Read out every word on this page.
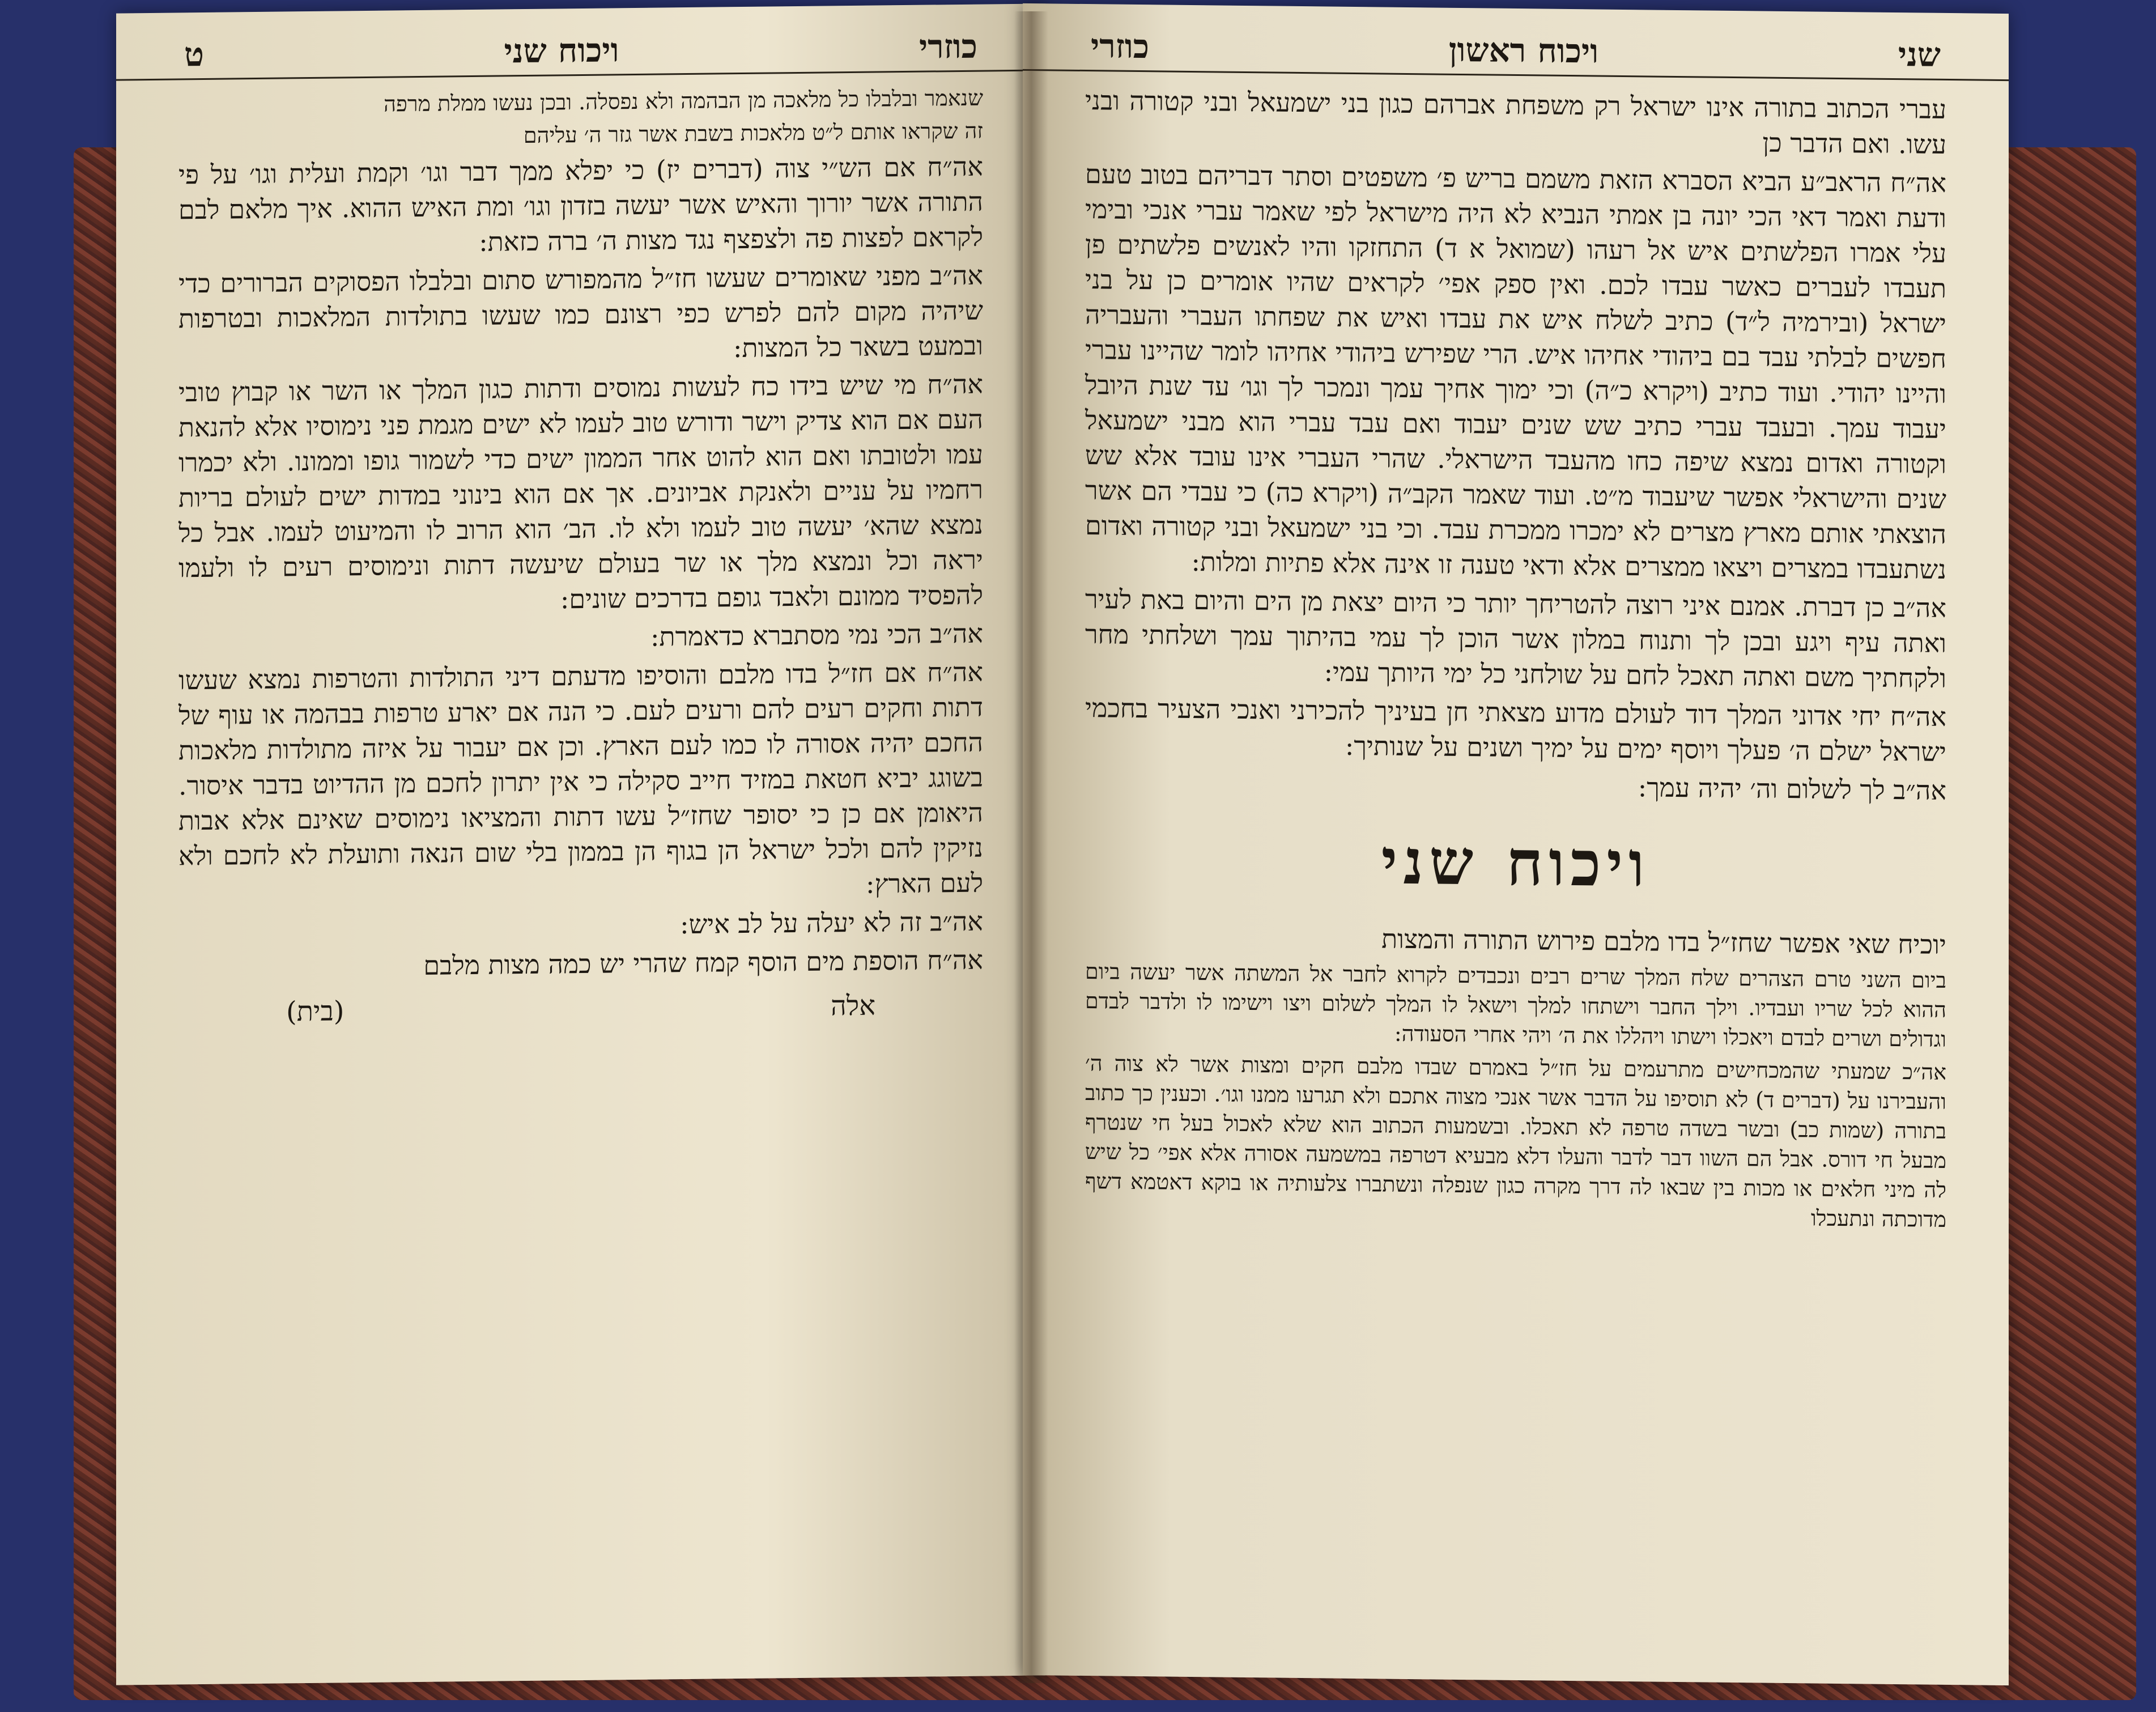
כוזרי
ויכוח שני
ט

שנאמר ובלבלו כל מלאכה מן הבהמה ולא נפסלה. ובכן נעשו ממלת מרפה

זה שקראו אותם ל״ט מלאכות בשבת אשר גזר ה׳ עליהם

אה״ח אם הש״י צוה (דברים יז) כי יפלא ממך דבר וגו׳ וקמת ועלית וגו׳ על פי התורה אשר יורוך והאיש אשר יעשה בזדון וגו׳ ומת האיש ההוא. איך מלאם לבם לקראם לפצות פה ולצפצף נגד מצות ה׳ ברה כזאת:

אה״ב מפני שאומרים שעשו חז״ל מהמפורש סתום ובלבלו הפסוקים הברורים כדי שיהיה מקום להם לפרש כפי רצונם כמו שעשו בתולדות המלאכות ובטרפות ובמעט בשאר כל המצות:

אה״ח מי שיש בידו כח לעשות נמוסים ודתות כגון המלך או השר או קבוץ טובי העם אם הוא צדיק וישר ודורש טוב לעמו לא ישים מגמת פני נימוסיו אלא להנאת עמו ולטובתו ואם הוא להוט אחר הממון ישים כדי לשמור גופו וממונו. ולא יכמרו רחמיו על עניים ולאנקת אביונים. אך אם הוא בינוני במדות ישים לעולם בריות נמצא שהא׳ יעשה טוב לעמו ולא לו. הב׳ הוא הרוב לו והמיעוט לעמו. אבל כל יראה וכל ונמצא מלך או שר בעולם שיעשה דתות ונימוסים רעים לו ולעמו להפסיד ממונם ולאבד גופם בדרכים שונים:

אה״ב הכי נמי מסתברא כדאמרת:

אה״ח אם חז״ל בדו מלבם והוסיפו מדעתם דיני התולדות והטרפות נמצא שעשו דתות וחקים רעים להם ורעים לעם. כי הנה אם יארע טרפות בבהמה או עוף של החכם יהיה אסורה לו כמו לעם הארץ. וכן אם יעבור על איזה מתולדות מלאכות בשוגג יביא חטאת במזיד חייב סקילה כי אין יתרון לחכם מן ההדיוט בדבר איסור. היאומן אם כן כי יסופר שחז״ל עשו דתות והמציאו נימוסים שאינם אלא אבות נזיקין להם ולכל ישראל הן בגוף הן בממון בלי שום הנאה ותועלת לא לחכם ולא לעם הארץ:

אה״ב זה לא יעלה על לב איש:

אה״ח הוספת מים הוסף קמח שהרי יש כמה מצות מלבם

אלה
(בית)
שני
ויכוח ראשון
כוזרי

עברי הכתוב בתורה אינו ישראל רק משפחת אברהם כגון בני ישמעאל ובני קטורה ובני עשו. ואם הדבר כן

אה״ח הראב״ע הביא הסברא הזאת משמם בריש פ׳ משפטים וסתר דבריהם בטוב טעם ודעת ואמר דאי הכי יונה בן אמתי הנביא לא היה מישראל לפי שאמר עברי אנכי ובימי עלי אמרו הפלשתים איש אל רעהו (שמואל א ד) התחזקו והיו לאנשים פלשתים פן תעבדו לעברים כאשר עבדו לכם. ואין ספק אפי׳ לקראים שהיו אומרים כן על בני ישראל (ובירמיה ל״ד) כתיב לשלח איש את עבדו ואיש את שפחתו העברי והעבריה חפשים לבלתי עבד בם ביהודי אחיהו איש. הרי שפירש ביהודי אחיהו לומר שהיינו עברי והיינו יהודי. ועוד כתיב (ויקרא כ״ה) וכי ימוך אחיך עמך ונמכר לך וגו׳ עד שנת היובל יעבוד עמך. ובעבד עברי כתיב שש שנים יעבוד ואם עבד עברי הוא מבני ישמעאל וקטורה ואדום נמצא שיפה כחו מהעבד הישראלי. שהרי העברי אינו עובד אלא שש שנים והישראלי אפשר שיעבוד מ״ט. ועוד שאמר הקב״ה (ויקרא כה) כי עבדי הם אשר הוצאתי אותם מארץ מצרים לא ימכרו ממכרת עבד. וכי בני ישמעאל ובני קטורה ואדום נשתעבדו במצרים ויצאו ממצרים אלא ודאי טענה זו אינה אלא פתיות ומלות:

אה״ב כן דברת. אמנם איני רוצה להטריחך יותר כי היום יצאת מן הים והיום באת לעיר ואתה עיף ויגע ובכן לך ותנוח במלון אשר הוכן לך עמי בהיתוך עמך ושלחתי מחר ולקחתיך משם ואתה תאכל לחם על שולחני כל ימי היותך עמי:

אה״ח יחי אדוני המלך דוד לעולם מדוע מצאתי חן בעיניך להכירני ואנכי הצעיר בחכמי ישראל ישלם ה׳ פעלך ויוסף ימים על ימיך ושנים על שנותיך:

אה״ב לך לשלום וה׳ יהיה עמך:

ויכוח שני

יוכיח שאי אפשר שחז״ל בדו מלבם פירוש התורה והמצות

ביום השני טרם הצהרים שלח המלך שרים רבים ונכבדים לקרוא לחבר אל המשתה אשר יעשה ביום ההוא לכל שריו ועבדיו. וילך החבר וישתחו למלך וישאל לו המלך לשלום ויצו וישימו לו ולדבר לבדם וגדולים ושרים לבדם ויאכלו וישתו ויהללו את ה׳ ויהי אחרי הסעודה:

אה״כ שמעתי שהמכחישים מתרעמים על חז״ל באמרם שבדו מלבם חקים ומצות אשר לא צוה ה׳ והעבירנו על (דברים ד) לא תוסיפו על הדבר אשר אנכי מצוה אתכם ולא תגרעו ממנו וגו׳. וכענין כך כתוב בתורה (שמות כב) ובשר בשדה טרפה לא תאכלו. ובשמעות הכתוב הוא שלא לאכול בעל חי שנטרף מבעל חי דורס. אבל הם השוו דבר לדבר והעלו דלא מבעיא דטרפה במשמעה אסורה אלא אפי׳ כל שיש לה מיני חלאים או מכות בין שבאו לה דרך מקרה כגון שנפלה ונשתברו צלעותיה או בוקא דאטמא דשף מדוכתה ונתעכלו
